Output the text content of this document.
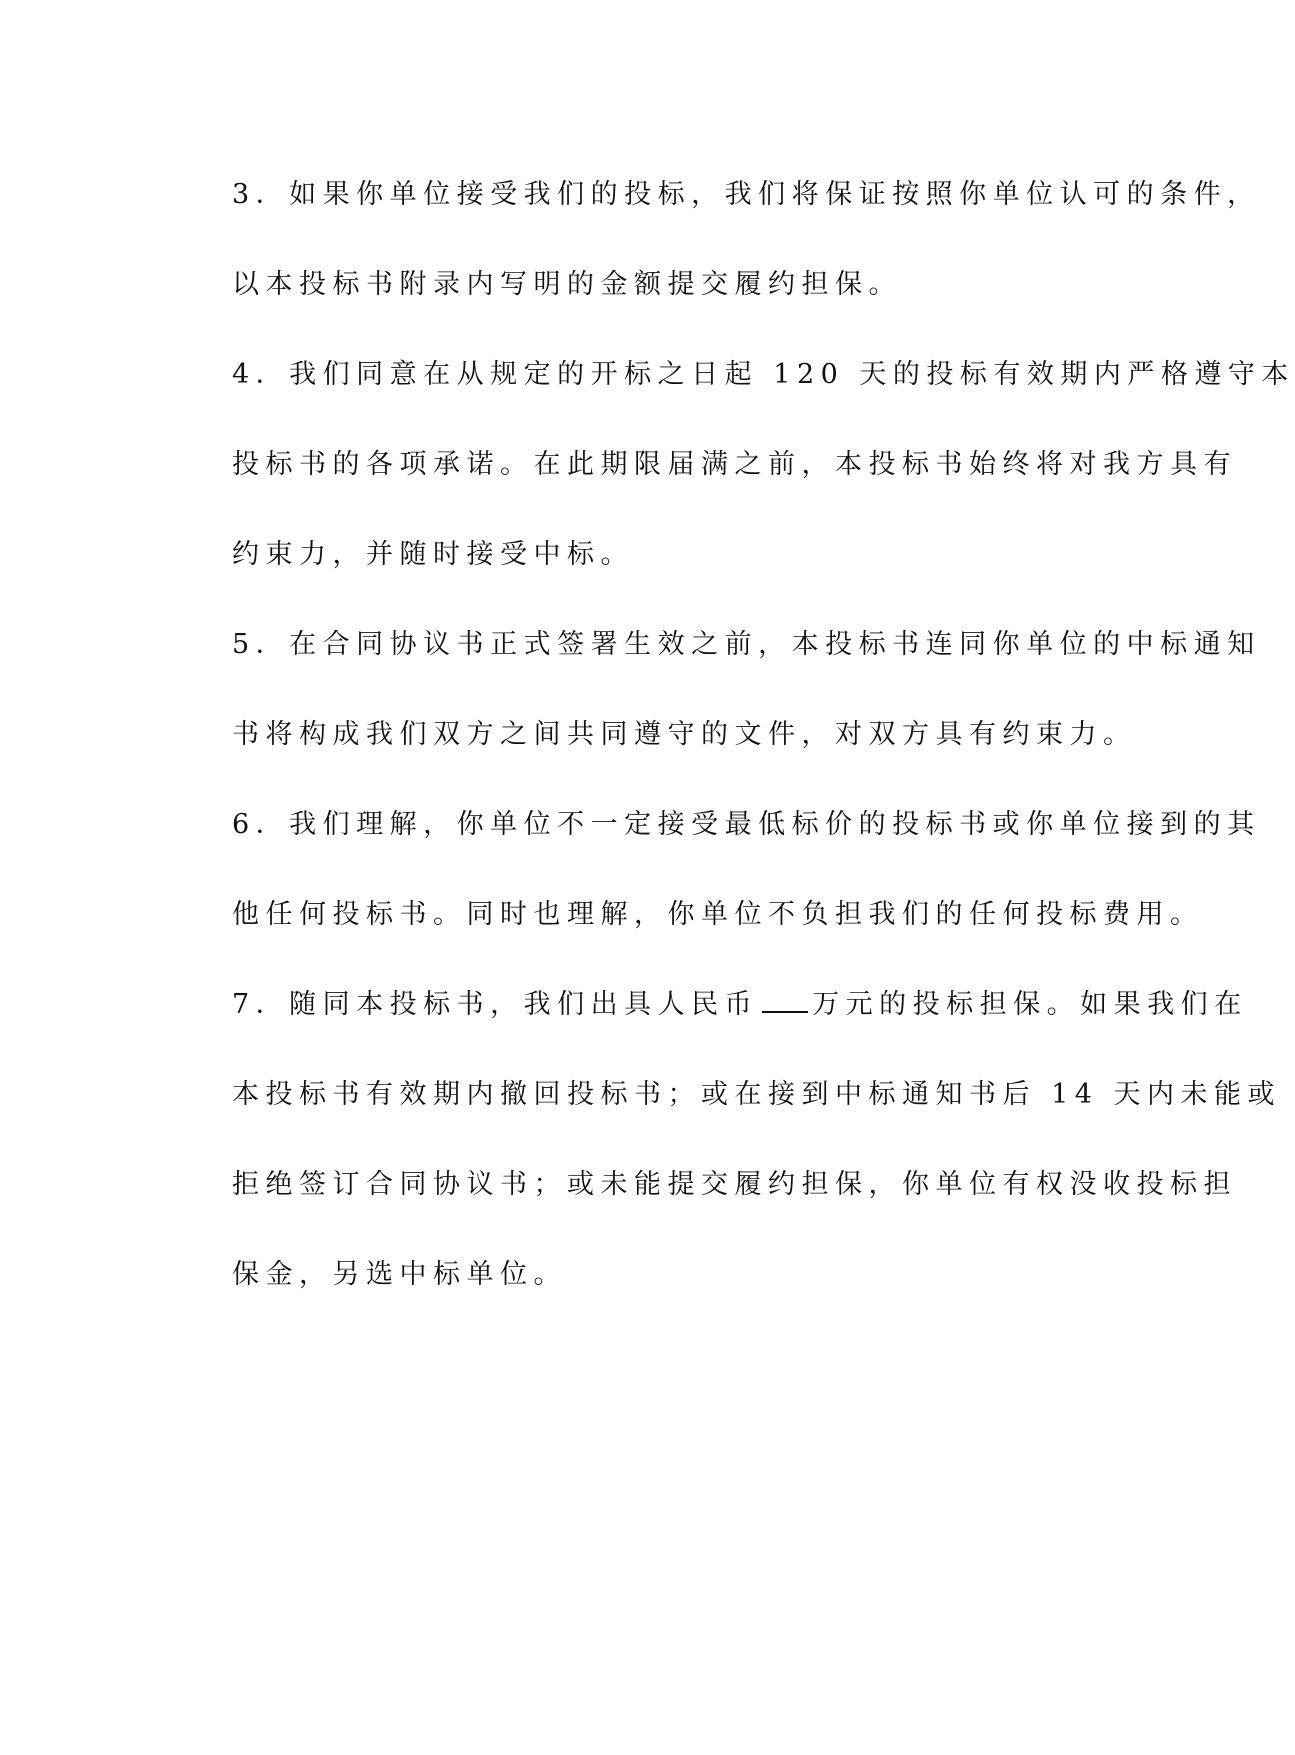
3．如果你单位接受我们的投标，我们将保证按照你单位认可的条件，
以本投标书附录内写明的金额提交履约担保。
4．我们同意在从规定的开标之日起 120 天的投标有效期内严格遵守本
投标书的各项承诺。在此期限届满之前，本投标书始终将对我方具有
约束力，并随时接受中标。
5．在合同协议书正式签署生效之前，本投标书连同你单位的中标通知
书将构成我们双方之间共同遵守的文件，对双方具有约束力。
6．我们理解，你单位不一定接受最低标价的投标书或你单位接到的其
他任何投标书。同时也理解，你单位不负担我们的任何投标费用。
7．随同本投标书，我们出具人民币 万元的投标担保。如果我们在
本投标书有效期内撤回投标书；或在接到中标通知书后 14 天内未能或
拒绝签订合同协议书；或未能提交履约担保，你单位有权没收投标担
保金，另选中标单位。
